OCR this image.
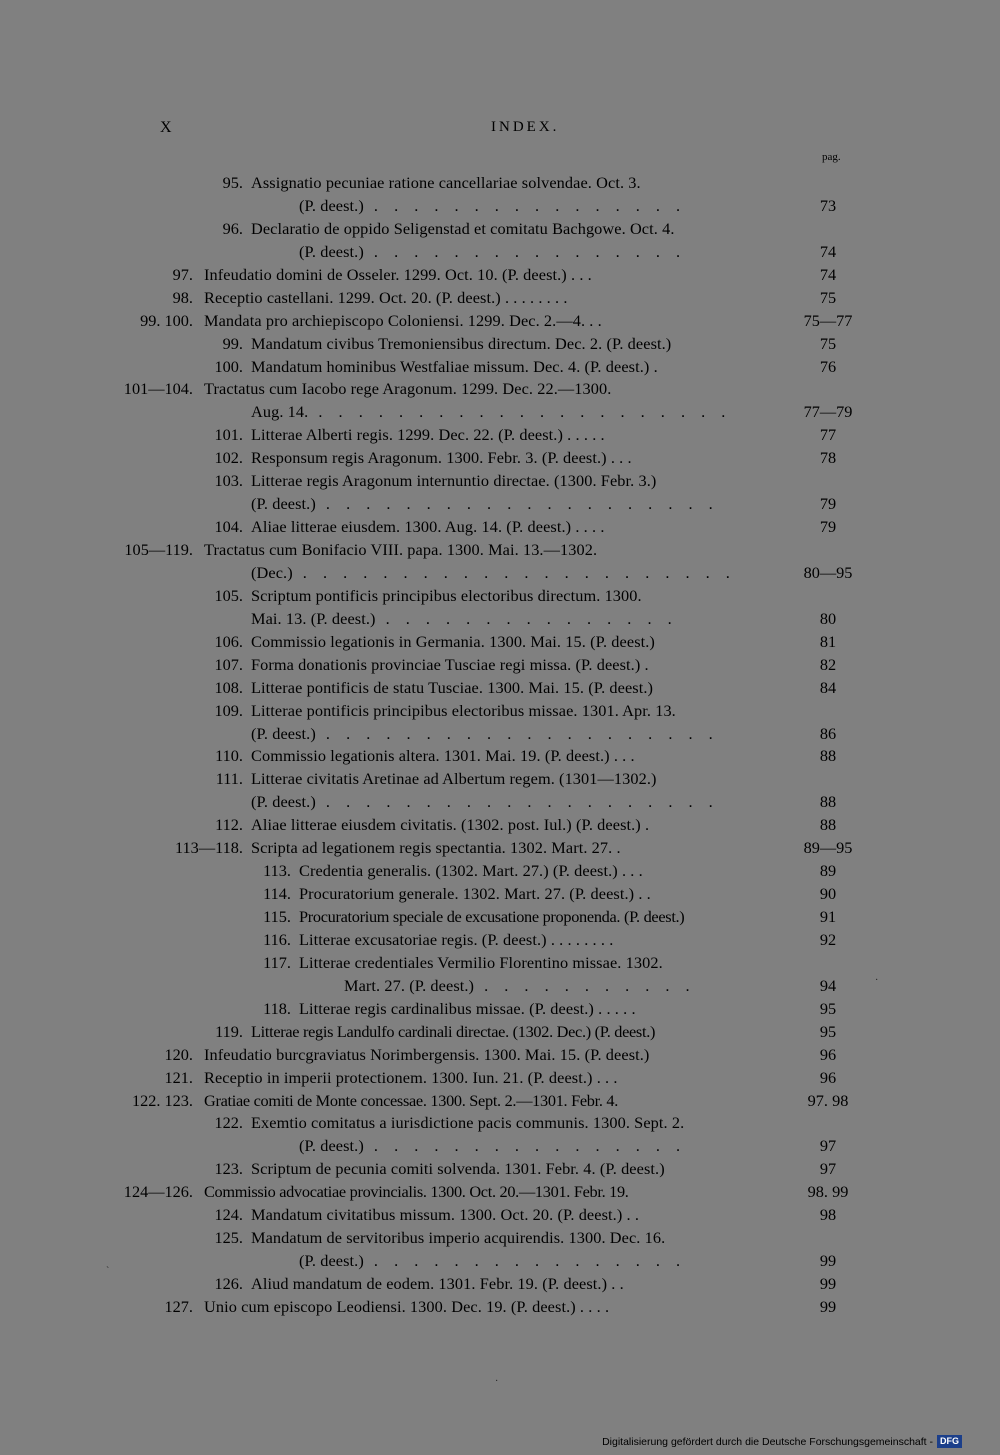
X	INDEX.
pag.
95. Assignatio pecuniae ratione cancellariae solvendae. Oct. 3.
(P. deest.) . . . . . . . . . . . . . . . .	73
96. Declaratio de oppido Seligenstad et comitatu Bachgowe. Oct. 4.
(P. deest.) . . . . . . . . . . . . . . . .	74
97. Infeudatio domini de Osseler. 1299. Oct. 10. (P. deest.) . . .	74
98. Receptio castellani. 1299. Oct. 20. (P. deest.) . . . . . . . .	75
99. 100. Mandata pro archiepiscopo Coloniensi. 1299. Dec. 2.—4. . .	75—77
99. Mandatum civibus Tremoniensibus directum. Dec. 2. (P. deest.)	75
100. Mandatum hominibus Westfaliae missum. Dec. 4. (P. deest.) .	76
101—104. Tractatus cum Iacobo rege Aragonum. 1299. Dec. 22.—1300.
Aug. 14. . . . . . . . . . . . . . . . . . . . . .	77—79
101. Litterae Alberti regis. 1299. Dec. 22. (P. deest.) . . . . .	77
102. Responsum regis Aragonum. 1300. Febr. 3. (P. deest.) . . .	78
103. Litterae regis Aragonum internuntio directae. (1300. Febr. 3.)
(P. deest.) . . . . . . . . . . . . . . . . . . . .	79
104. Aliae litterae eiusdem. 1300. Aug. 14. (P. deest.) . . . .	79
105—119. Tractatus cum Bonifacio VIII. papa. 1300. Mai. 13.—1302.
(Dec.) . . . . . . . . . . . . . . . . . . . . . .	80—95
105. Scriptum pontificis principibus electoribus directum. 1300.
Mai. 13. (P. deest.) . . . . . . . . . . . . . . .	80
106. Commissio legationis in Germania. 1300. Mai. 15. (P. deest.)	81
107. Forma donationis provinciae Tusciae regi missa. (P. deest.) .	82
108. Litterae pontificis de statu Tusciae. 1300. Mai. 15. (P. deest.)	84
109. Litterae pontificis principibus electoribus missae. 1301. Apr. 13.
(P. deest.) . . . . . . . . . . . . . . . . . . . .	86
110. Commissio legationis altera. 1301. Mai. 19. (P. deest.) . . .	88
111. Litterae civitatis Aretinae ad Albertum regem. (1301—1302.)
(P. deest.) . . . . . . . . . . . . . . . . . . . .	88
112. Aliae litterae eiusdem civitatis. (1302. post. Iul.) (P. deest.) .	88
113—118. Scripta ad legationem regis spectantia. 1302. Mart. 27. .	89—95
113. Credentia generalis. (1302. Mart. 27.) (P. deest.) . . .	89
114. Procuratorium generale. 1302. Mart. 27. (P. deest.) . .	90
115. Procuratorium speciale de excusatione proponenda. (P. deest.)	91
116. Litterae excusatoriae regis. (P. deest.) . . . . . . . .	92
117. Litterae credentiales Vermilio Florentino missae. 1302.
Mart. 27. (P. deest.) . . . . . . . . . . .	94
118. Litterae regis cardinalibus missae. (P. deest.) . . . . .	95
119. Litterae regis Landulfo cardinali directae. (1302. Dec.) (P. deest.)	95
120. Infeudatio burcgraviatus Norimbergensis. 1300. Mai. 15. (P. deest.)	96
121. Receptio in imperii protectionem. 1300. Iun. 21. (P. deest.) . . .	96
122. 123. Gratiae comiti de Monte concessae. 1300. Sept. 2.—1301. Febr. 4.	97. 98
122. Exemtio comitatus a iurisdictione pacis communis. 1300. Sept. 2.
(P. deest.) . . . . . . . . . . . . . . . .	97
123. Scriptum de pecunia comiti solvenda. 1301. Febr. 4. (P. deest.)	97
124—126. Commissio advocatiae provincialis. 1300. Oct. 20.—1301. Febr. 19.	98. 99
124. Mandatum civitatibus missum. 1300. Oct. 20. (P. deest.) . .	98
125. Mandatum de servitoribus imperio acquirendis. 1300. Dec. 16.
(P. deest.) . . . . . . . . . . . . . . . .	99
126. Aliud mandatum de eodem. 1301. Febr. 19. (P. deest.) . .	99
127. Unio cum episcopo Leodiensi. 1300. Dec. 19. (P. deest.) . . . .	99
·
`
·
Digitalisierung gefördert durch die Deutsche Forschungsgemeinschaft - DFG
